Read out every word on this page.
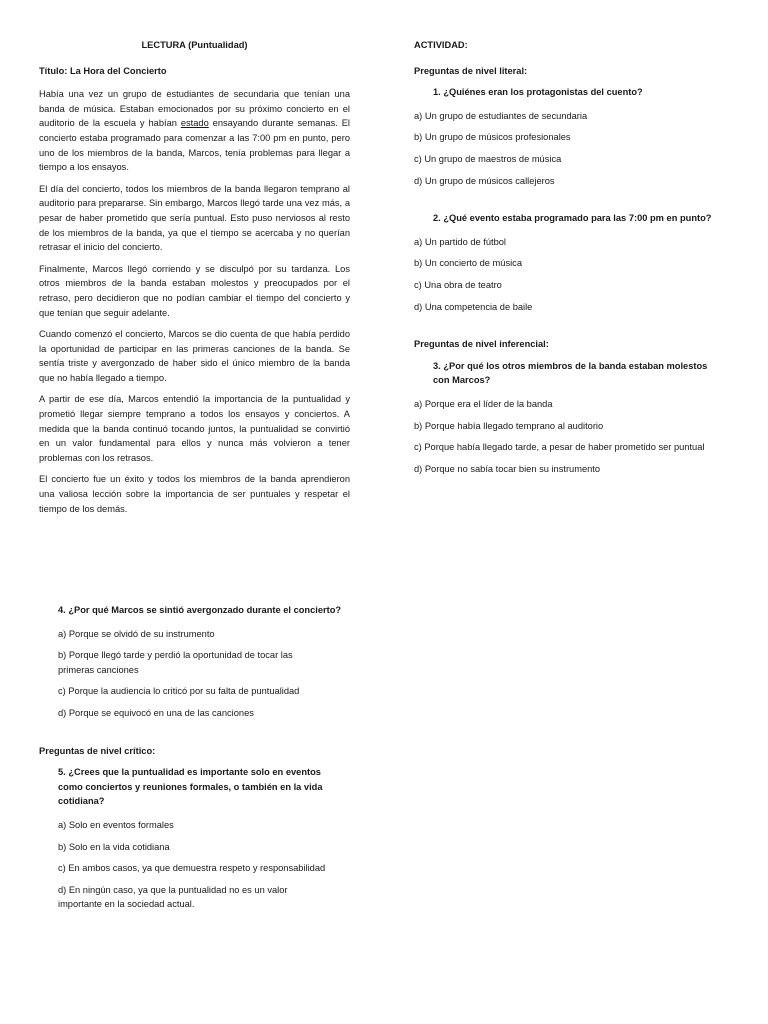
LECTURA (Puntualidad)
Título: La Hora del Concierto

Había una vez un grupo de estudiantes de secundaria que tenían una banda de música. Estaban emocionados por su próximo concierto en el auditorio de la escuela y habían estado ensayando durante semanas. El concierto estaba programado para comenzar a las 7:00 pm en punto, pero uno de los miembros de la banda, Marcos, tenía problemas para llegar a tiempo a los ensayos.

El día del concierto, todos los miembros de la banda llegaron temprano al auditorio para prepararse. Sin embargo, Marcos llegó tarde una vez más, a pesar de haber prometido que sería puntual. Esto puso nerviosos al resto de los miembros de la banda, ya que el tiempo se acercaba y no querían retrasar el inicio del concierto.

Finalmente, Marcos llegó corriendo y se disculpó por su tardanza. Los otros miembros de la banda estaban molestos y preocupados por el retraso, pero decidieron que no podían cambiar el tiempo del concierto y que tenían que seguir adelante.

Cuando comenzó el concierto, Marcos se dio cuenta de que había perdido la oportunidad de participar en las primeras canciones de la banda. Se sentía triste y avergonzado de haber sido el único miembro de la banda que no había llegado a tiempo.

A partir de ese día, Marcos entendió la importancia de la puntualidad y prometió llegar siempre temprano a todos los ensayos y conciertos. A medida que la banda continuó tocando juntos, la puntualidad se convirtió en un valor fundamental para ellos y nunca más volvieron a tener problemas con los retrasos.

El concierto fue un éxito y todos los miembros de la banda aprendieron una valiosa lección sobre la importancia de ser puntuales y respetar el tiempo de los demás.

ACTIVIDAD:
Preguntas de nivel literal:
1. ¿Quiénes eran los protagonistas del cuento?
a) Un grupo de estudiantes de secundaria
b) Un grupo de músicos profesionales
c) Un grupo de maestros de música
d) Un grupo de músicos callejeros
2. ¿Qué evento estaba programado para las 7:00 pm en punto?
a) Un partido de fútbol
b) Un concierto de música
c) Una obra de teatro
d) Una competencia de baile
Preguntas de nivel inferencial:
3. ¿Por qué los otros miembros de la banda estaban molestos con Marcos?
a) Porque era el líder de la banda
b) Porque había llegado temprano al auditorio
c) Porque había llegado tarde, a pesar de haber prometido ser puntual
d) Porque no sabía tocar bien su instrumento
4. ¿Por qué Marcos se sintió avergonzado durante el concierto?
a) Porque se olvidó de su instrumento
b) Porque llegó tarde y perdió la oportunidad de tocar las primeras canciones
c) Porque la audiencia lo criticó por su falta de puntualidad
d) Porque se equivocó en una de las canciones
Preguntas de nivel crítico:
5. ¿Crees que la puntualidad es importante solo en eventos como conciertos y reuniones formales, o también en la vida cotidiana?
a) Solo en eventos formales
b) Solo en la vida cotidiana
c) En ambos casos, ya que demuestra respeto y responsabilidad
d) En ningún caso, ya que la puntualidad no es un valor importante en la sociedad actual.
